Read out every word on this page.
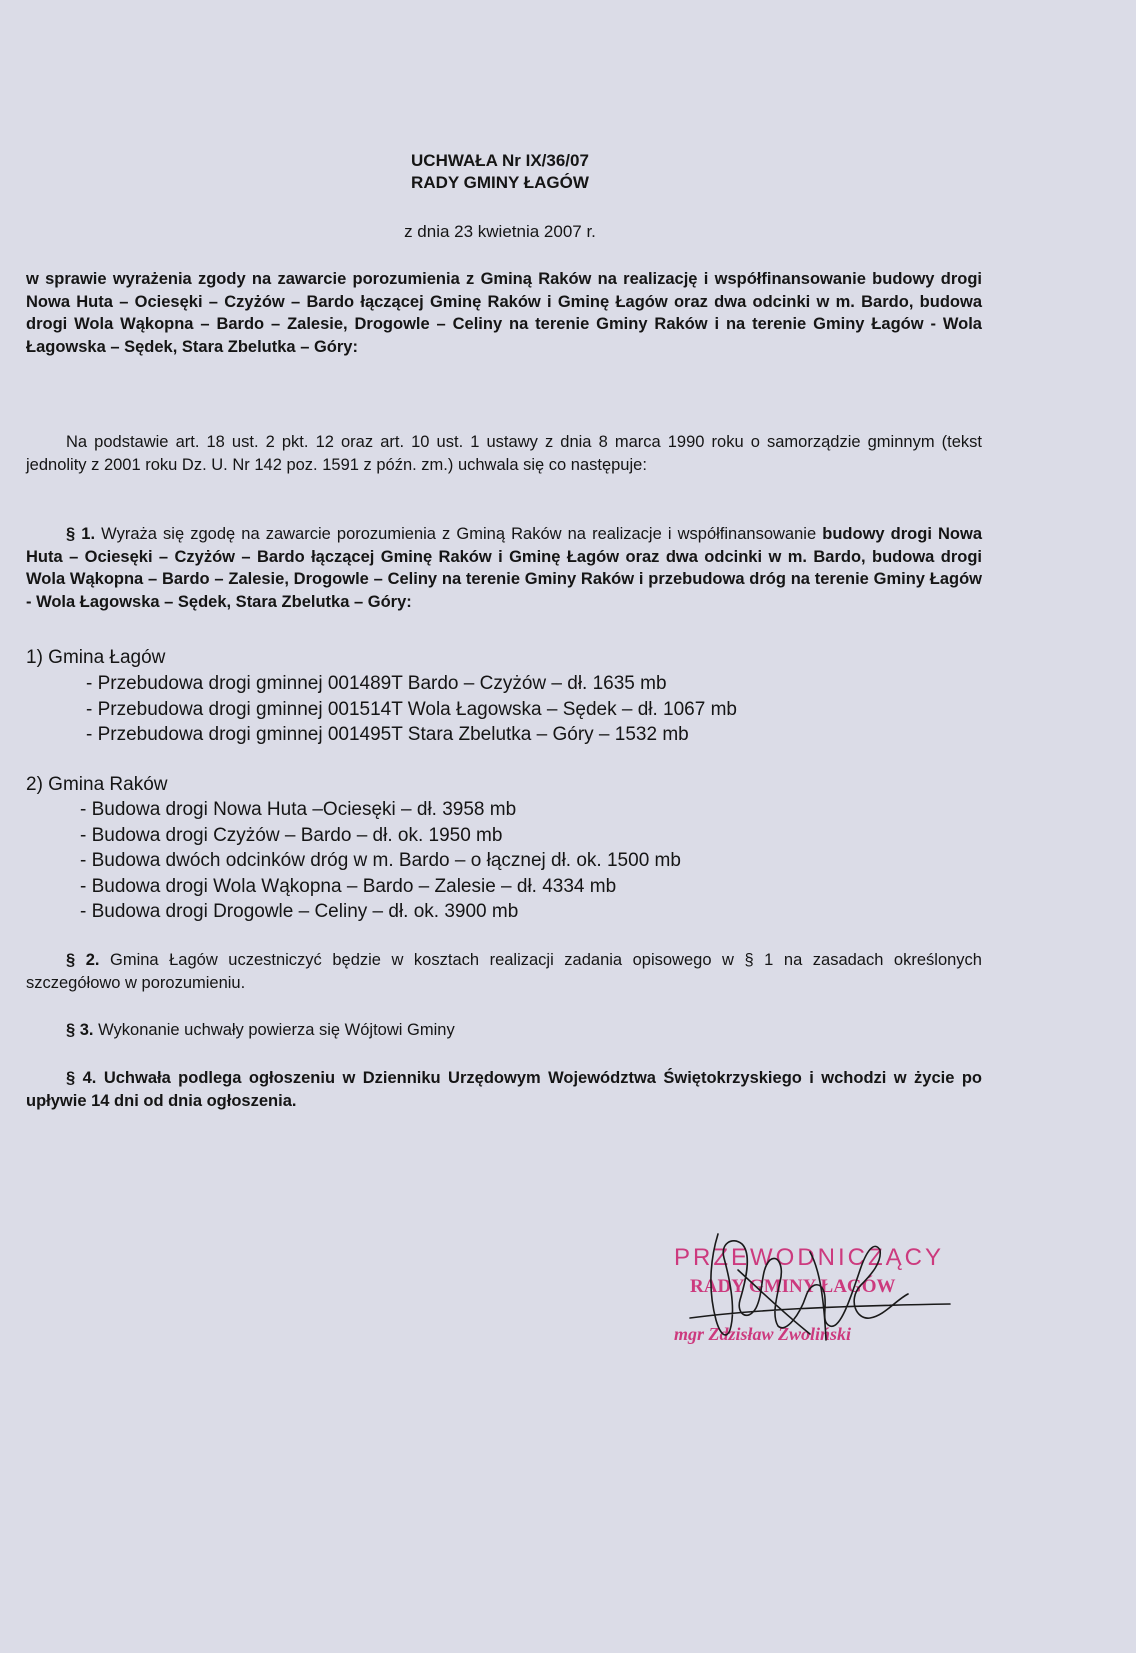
UCHWAŁA Nr IX/36/07
RADY GMINY ŁAGÓW
z dnia 23 kwietnia 2007 r.
w sprawie wyrażenia zgody na zawarcie porozumienia z Gminą Raków na realizację i współfinansowanie budowy drogi Nowa Huta – Ociesęki – Czyżów – Bardo łączącej Gminę Raków i Gminę Łagów oraz dwa odcinki w m. Bardo, budowa drogi Wola Wąkopna – Bardo – Zalesie, Drogowle – Celiny na terenie Gminy Raków i na terenie Gminy Łagów - Wola Łagowska – Sędek, Stara Zbelutka – Góry:
Na podstawie art. 18 ust. 2 pkt. 12 oraz art. 10 ust. 1 ustawy z dnia 8 marca 1990 roku o samorządzie gminnym (tekst jednolity z 2001 roku Dz. U. Nr 142 poz. 1591 z późn. zm.) uchwala się co następuje:
§ 1. Wyraża się zgodę na zawarcie porozumienia z Gminą Raków na realizacje i współfinansowanie budowy drogi Nowa Huta – Ociesęki – Czyżów – Bardo łączącej Gminę Raków i Gminę Łagów oraz dwa odcinki w m. Bardo, budowa drogi Wola Wąkopna – Bardo – Zalesie, Drogowle – Celiny na terenie Gminy Raków i przebudowa dróg na terenie Gminy Łagów - Wola Łagowska – Sędek, Stara Zbelutka – Góry:
1) Gmina Łagów
- Przebudowa drogi gminnej 001489T Bardo – Czyżów – dł. 1635 mb
- Przebudowa drogi gminnej 001514T Wola Łagowska – Sędek – dł. 1067 mb
- Przebudowa drogi gminnej 001495T Stara Zbelutka – Góry – 1532 mb
2) Gmina Raków
- Budowa drogi Nowa Huta –Ociesęki – dł. 3958 mb
- Budowa drogi Czyżów – Bardo – dł. ok. 1950 mb
- Budowa dwóch odcinków dróg w m. Bardo – o łącznej dł. ok. 1500 mb
- Budowa drogi Wola Wąkopna – Bardo – Zalesie – dł. 4334 mb
- Budowa drogi Drogowle – Celiny – dł. ok. 3900 mb
§ 2. Gmina Łagów uczestniczyć będzie w kosztach realizacji zadania opisowego w § 1 na zasadach określonych szczegółowo w porozumieniu.
§ 3. Wykonanie uchwały powierza się Wójtowi Gminy
§ 4. Uchwała podlega ogłoszeniu w Dzienniku Urzędowym Województwa Świętokrzyskiego i wchodzi w życie po upływie 14 dni od dnia ogłoszenia.
PRZEWODNICZĄCY
RADY GMINY ŁAGÓW
mgr Zdzisław Zwoliński
